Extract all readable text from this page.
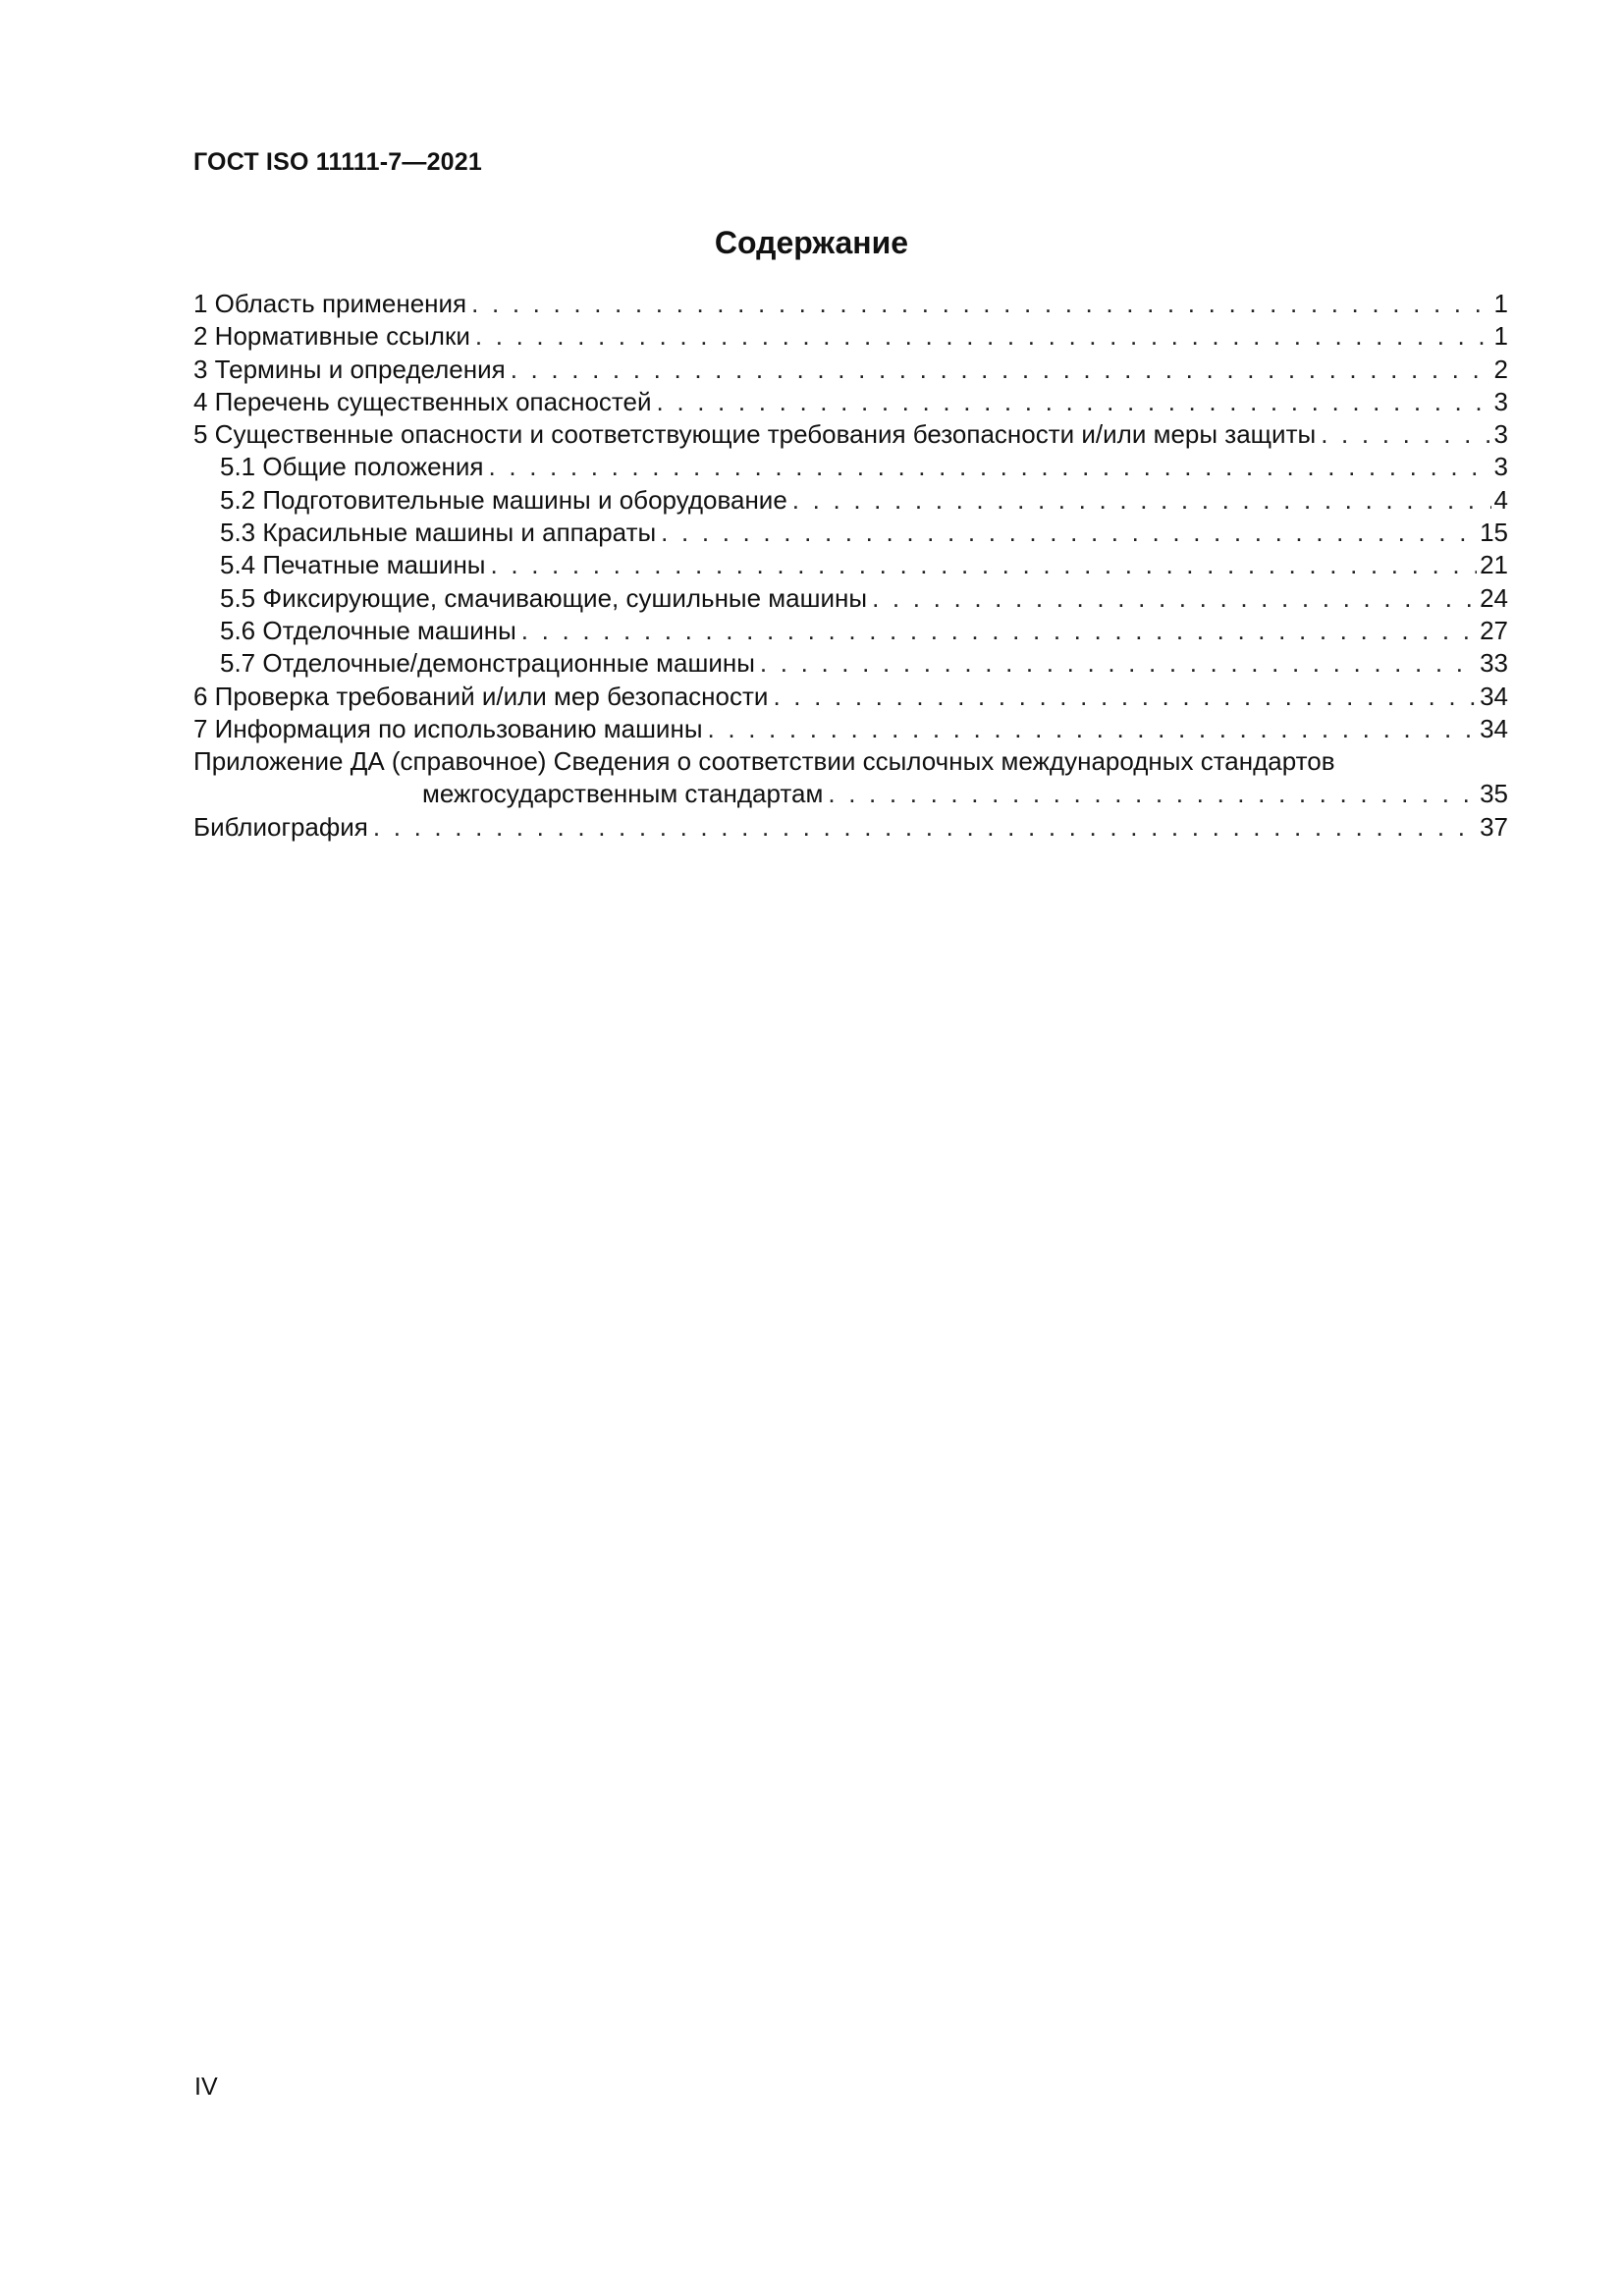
ГОСТ ISO 11111-7—2021
Содержание
1 Область применения . . .	1
2 Нормативные ссылки . . .	1
3 Термины и определения . . .	2
4 Перечень существенных опасностей . . .	3
5 Существенные опасности и соответствующие требования безопасности и/или меры защиты . . .	3
5.1 Общие положения . . .	3
5.2 Подготовительные машины и оборудование . . .	4
5.3 Красильные машины и аппараты . . .	15
5.4 Печатные машины . . .	21
5.5 Фиксирующие, смачивающие, сушильные машины . . .	24
5.6 Отделочные машины . . .	27
5.7 Отделочные/демонстрационные машины . . .	33
6 Проверка требований и/или мер безопасности . . .	34
7 Информация по использованию машины . . .	34
Приложение ДА (справочное) Сведения о соответствии ссылочных международных стандартов
межгосударственным стандартам . . .	35
Библиография . . .	37
IV
